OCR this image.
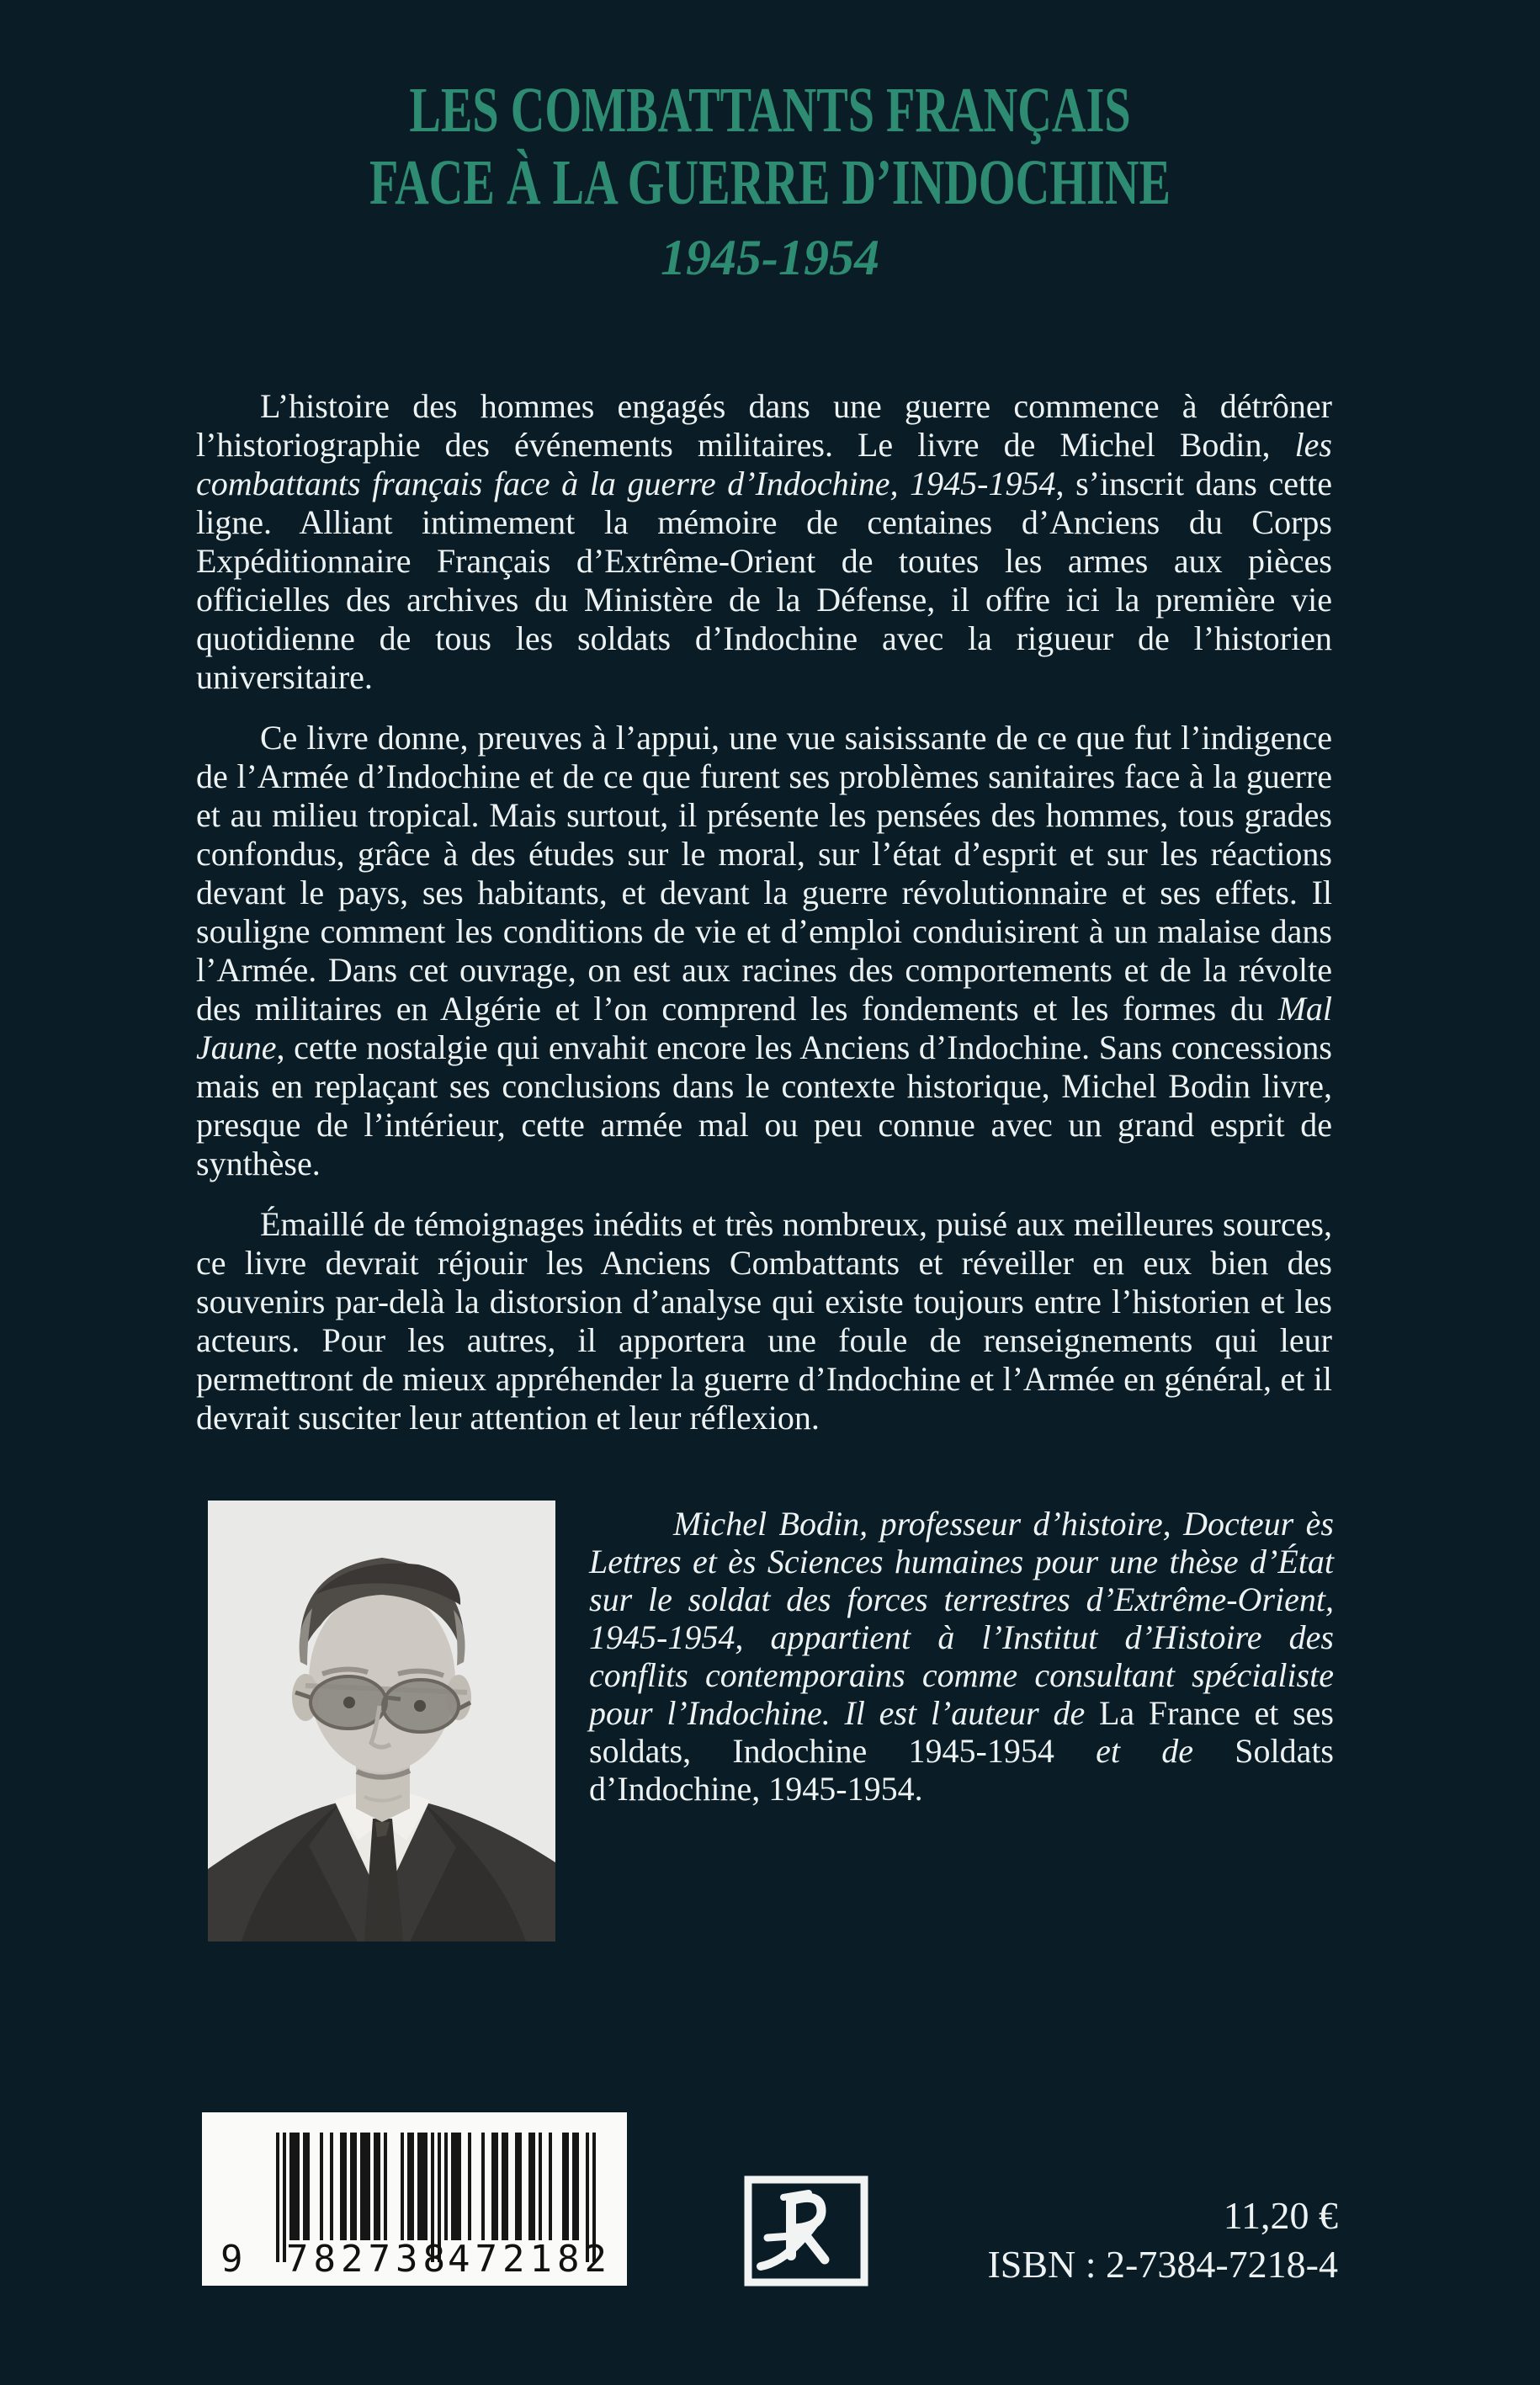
LES COMBATTANTS FRANÇAIS
FACE À LA GUERRE D’INDOCHINE
1945-1954

L’histoire des hommes engagés dans une guerre commence à détrôner l’historiographie des événements militaires. Le livre de Michel Bodin, les combattants français face à la guerre d’Indochine, 1945-1954, s’inscrit dans cette ligne. Alliant intimement la mémoire de centaines d’Anciens du Corps Expéditionnaire Français d’Extrême-Orient de toutes les armes aux pièces officielles des archives du Ministère de la Défense, il offre ici la première vie quotidienne de tous les soldats d’Indochine avec la rigueur de l’historien universitaire.

Ce livre donne, preuves à l’appui, une vue saisissante de ce que fut l’indigence de l’Armée d’Indochine et de ce que furent ses problèmes sanitaires face à la guerre et au milieu tropical. Mais surtout, il présente les pensées des hommes, tous grades confondus, grâce à des études sur le moral, sur l’état d’esprit et sur les réactions devant le pays, ses habitants, et devant la guerre révolutionnaire et ses effets. Il souligne comment les conditions de vie et d’emploi conduisirent à un malaise dans l’Armée. Dans cet ouvrage, on est aux racines des comportements et de la révolte des militaires en Algérie et l’on comprend les fondements et les formes du Mal Jaune, cette nostalgie qui envahit encore les Anciens d’Indochine. Sans concessions mais en replaçant ses conclusions dans le contexte historique, Michel Bodin livre, presque de l’intérieur, cette armée mal ou peu connue avec un grand esprit de synthèse.

Émaillé de témoignages inédits et très nombreux, puisé aux meilleures sources, ce livre devrait réjouir les Anciens Combattants et réveiller en eux bien des souvenirs par-delà la distorsion d’analyse qui existe toujours entre l’historien et les acteurs. Pour les autres, il apportera une foule de renseignements qui leur permettront de mieux appréhender la guerre d’Indochine et l’Armée en général, et il devrait susciter leur attention et leur réflexion.

Michel Bodin, professeur d’histoire, Docteur ès Lettres et ès Sciences humaines pour une thèse d’État sur le soldat des forces terrestres d’Extrême-Orient, 1945-1954, appartient à l’Institut d’Histoire des conflits contemporains comme consultant spécialiste pour l’Indochine. Il est l’auteur de La France et ses soldats, Indochine 1945-1954 et de Soldats d’Indochine, 1945-1954.

9 782738
472182
11,20 €
ISBN : 2-7384-7218-4
